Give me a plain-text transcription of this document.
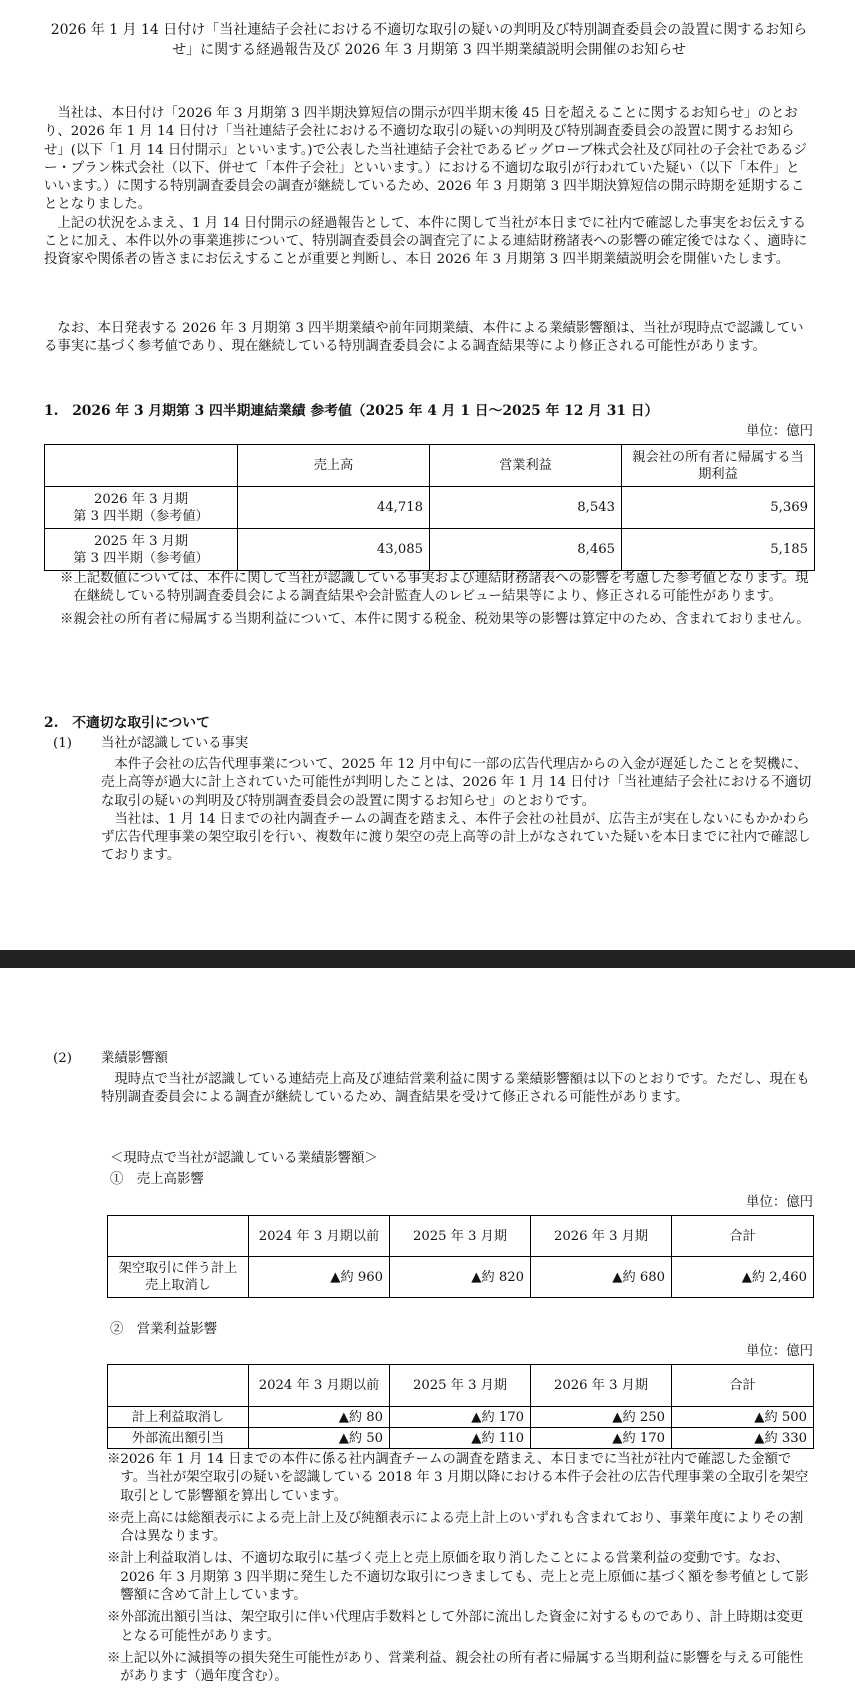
2026 年 1 月 14 日付け「当社連結子会社における不適切な取引の疑いの判明及び特別調査委員会の設置に関するお知らせ」に関する経過報告及び 2026 年 3 月期第 3 四半期業績説明会開催のお知らせ

当社は、本日付け「2026 年 3 月期第 3 四半期決算短信の開示が四半期末後 45 日を超えることに関するお知らせ」のとおり、2026 年 1 月 14 日付け「当社連結子会社における不適切な取引の疑いの判明及び特別調査委員会の設置に関するお知らせ」(以下「1 月 14 日付開示」といいます。)で公表した当社連結子会社であるビッグローブ株式会社及び同社の子会社であるジー・プラン株式会社（以下、併せて「本件子会社」といいます。）における不適切な取引が行われていた疑い（以下「本件」といいます。）に関する特別調査委員会の調査が継続しているため、2026 年 3 月期第 3 四半期決算短信の開示時期を延期することとなりました。

上記の状況をふまえ、1 月 14 日付開示の経過報告として、本件に関して当社が本日までに社内で確認した事実をお伝えすることに加え、本件以外の事業進捗について、特別調査委員会の調査完了による連結財務諸表への影響の確定後ではなく、適時に投資家や関係者の皆さまにお伝えすることが重要と判断し、本日 2026 年 3 月期第 3 四半期業績説明会を開催いたします。

なお、本日発表する 2026 年 3 月期第 3 四半期業績や前年同期業績、本件による業績影響額は、当社が現時点で認識している事実に基づく参考値であり、現在継続している特別調査委員会による調査結果等により修正される可能性があります。

1.　2026 年 3 月期第 3 四半期連結業績 参考値（2025 年 4 月 1 日～2025 年 12 月 31 日）
単位：億円
	売上高	営業利益	親会社の所有者に帰属する当期利益
2026 年 3 月期
第 3 四半期（参考値）	44,718	8,543	5,369
2025 年 3 月期
第 3 四半期（参考値）	43,085	8,465	5,185

※上記数値については、本件に関して当社が認識している事実および連結財務諸表への影響を考慮した参考値となります。現在継続している特別調査委員会による調査結果や会計監査人のレビュー結果等により、修正される可能性があります。

※親会社の所有者に帰属する当期利益について、本件に関する税金、税効果等の影響は算定中のため、含まれておりません。

2.　不適切な取引について
(1) 当社が認識している事実

本件子会社の広告代理事業について、2025 年 12 月中旬に一部の広告代理店からの入金が遅延したことを契機に、売上高等が過大に計上されていた可能性が判明したことは、2026 年 1 月 14 日付け「当社連結子会社における不適切な取引の疑いの判明及び特別調査委員会の設置に関するお知らせ」のとおりです。

当社は、1 月 14 日までの社内調査チームの調査を踏まえ、本件子会社の社員が、広告主が実在しないにもかかわらず広告代理事業の架空取引を行い、複数年に渡り架空の売上高等の計上がなされていた疑いを本日までに社内で確認しております。

(2) 業績影響額

現時点で当社が認識している連結売上高及び連結営業利益に関する業績影響額は以下のとおりです。ただし、現在も特別調査委員会による調査が継続しているため、調査結果を受けて修正される可能性があります。

＜現時点で当社が認識している業績影響額＞
①　売上高影響
単位：億円
	2024 年 3 月期以前	2025 年 3 月期	2026 年 3 月期	合計
架空取引に伴う計上売上取消し	▲約 960	▲約 820	▲約 680	▲約 2,460
②　営業利益影響
単位：億円
	2024 年 3 月期以前	2025 年 3 月期	2026 年 3 月期	合計
計上利益取消し	▲約 80	▲約 170	▲約 250	▲約 500
外部流出額引当	▲約 50	▲約 110	▲約 170	▲約 330

※2026 年 1 月 14 日までの本件に係る社内調査チームの調査を踏まえ、本日までに当社が社内で確認した金額です。当社が架空取引の疑いを認識している 2018 年 3 月期以降における本件子会社の広告代理事業の全取引を架空取引として影響額を算出しています。

※売上高には総額表示による売上計上及び純額表示による売上計上のいずれも含まれており、事業年度によりその割合は異なります。

※計上利益取消しは、不適切な取引に基づく売上と売上原価を取り消したことによる営業利益の変動です。なお、2026 年 3 月期第 3 四半期に発生した不適切な取引につきましても、売上と売上原価に基づく額を参考値として影響額に含めて計上しています。

※外部流出額引当は、架空取引に伴い代理店手数料として外部に流出した資金に対するものであり、計上時期は変更となる可能性があります。

※上記以外に減損等の損失発生可能性があり、営業利益、親会社の所有者に帰属する当期利益に影響を与える可能性があります（過年度含む）。
